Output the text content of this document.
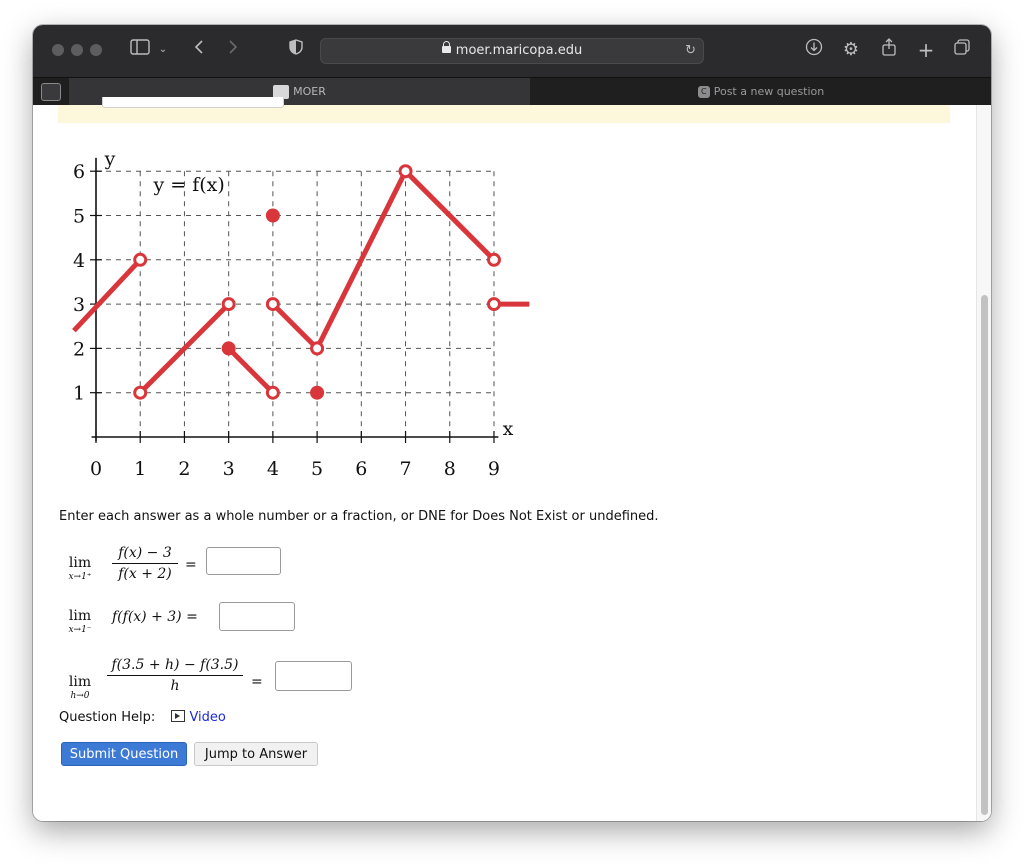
⌄	moer.maricopa.edu	↻	⚙	+
MOER	C Post a new question
0 1 2 3 4 5 6 7 8 9
1
2
3
4
5
6
x
y
y = f(x)
Enter each answer as a whole number or a fraction, or DNE for Does Not Exist or undefined.
lim
x→1⁺	$\frac{f(x) - 3}{f(x + 2)}$ =
lim
x→1⁻
f(f(x) + 3) =
lim
h→0
$\frac{f(3.5 + h) - f(3.5)}{h}$ =
Question Help:	Video
Submit Question	Jump to Answer
